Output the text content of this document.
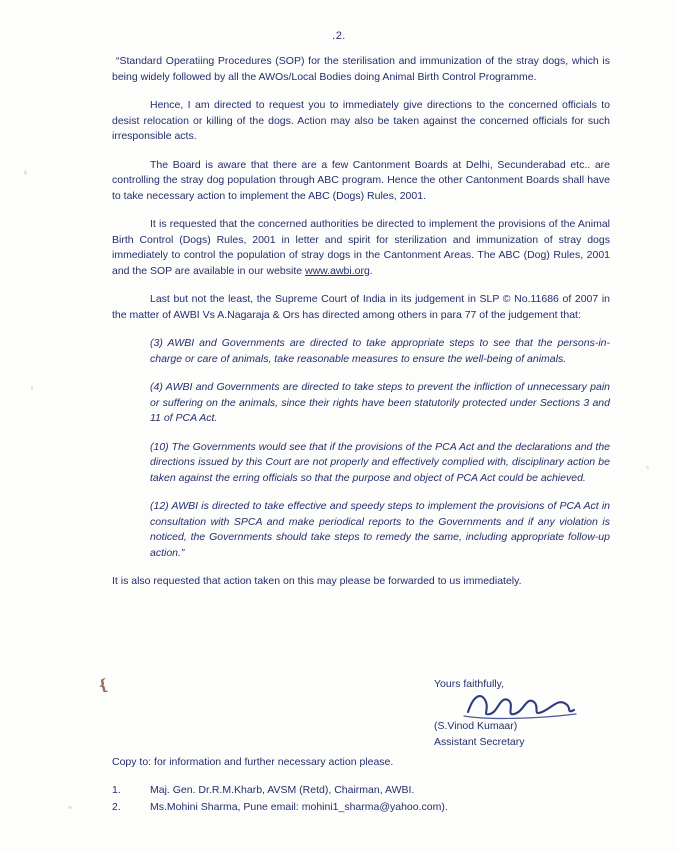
.2.

“Standard Operatiing Procedures (SOP) for the sterilisation and immunization of the stray dogs, which is being widely followed by all the AWOs/Local Bodies doing Animal Birth Control Programme.

Hence, I am directed to request you to immediately give directions to the concerned officials to desist relocation or killing of the dogs. Action may also be taken against the concerned officials for such irresponsible acts.

The Board is aware that there are a few Cantonment Boards at Delhi, Secunderabad etc.. are controlling the stray dog population through ABC program. Hence the other Cantonment Boards shall have to take necessary action to implement the ABC (Dogs) Rules, 2001.

It is requested that the concerned authorities be directed to implement the provisions of the Animal Birth Control (Dogs) Rules, 2001 in letter and spirit for sterilization and immunization of stray dogs immediately to control the population of stray dogs in the Cantonment Areas. The ABC (Dog) Rules, 2001 and the SOP are available in our website www.awbi.org.

Last but not the least, the Supreme Court of India in its judgement in SLP © No.11686 of 2007 in the matter of AWBI Vs A.Nagaraja & Ors has directed among others in para 77 of the judgement that:

(3) AWBI and Governments are directed to take appropriate steps to see that the persons-in-charge or care of animals, take reasonable measures to ensure the well-being of animals.

(4) AWBI and Governments are directed to take steps to prevent the infliction of unnecessary pain or suffering on the animals, since their rights have been statutorily protected under Sections 3 and 11 of PCA Act.

(10) The Governments would see that if the provisions of the PCA Act and the declarations and the directions issued by this Court are not properly and effectively complied with, disciplinary action be taken against the erring officials so that the purpose and object of PCA Act could be achieved.

(12) AWBI is directed to take effective and speedy steps to implement the provisions of PCA Act in consultation with SPCA and make periodical reports to the Governments and if any violation is noticed, the Governments should take steps to remedy the same, including appropriate follow-up action.”

It is also requested that action taken on this may please be forwarded to us immediately.

❴	Yours faithfully,
(S.Vinod Kumaar)
Assistant Secretary
Copy to: for information and further necessary action please.
1.	Maj. Gen. Dr.R.M.Kharb, AVSM (Retd), Chairman, AWBI.
2.	Ms.Mohini Sharma, Pune email: mohini1_sharma@yahoo.com).
